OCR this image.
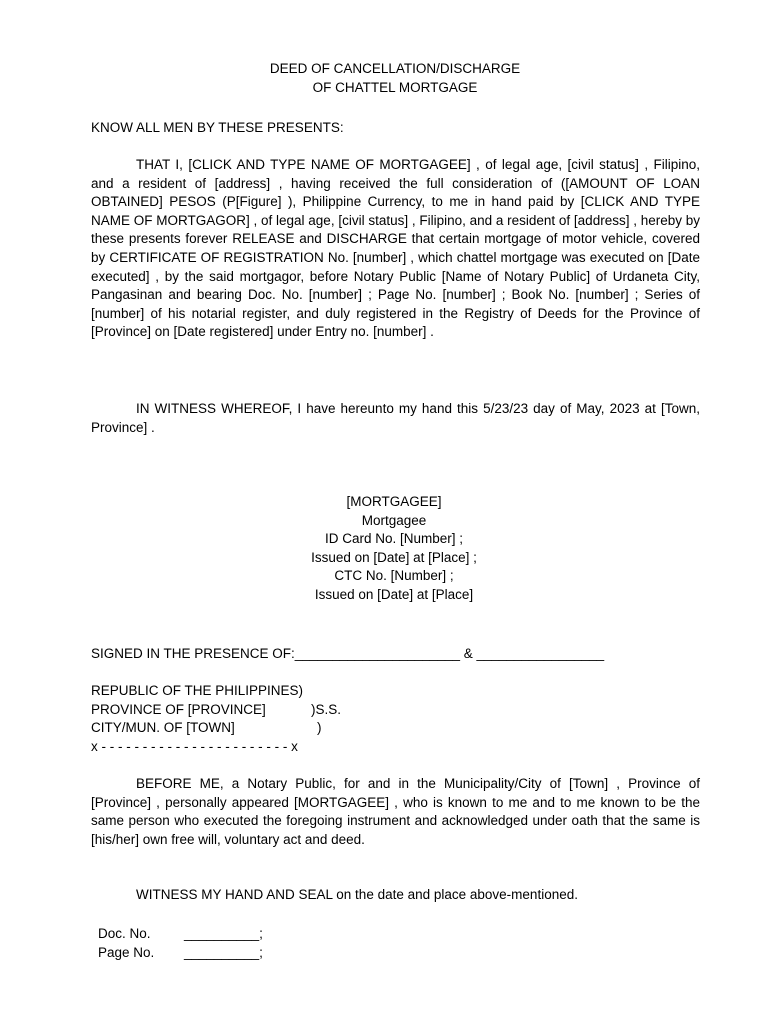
DEED OF CANCELLATION/DISCHARGE
OF CHATTEL MORTGAGE
KNOW ALL MEN BY THESE PRESENTS:

THAT I, [CLICK AND TYPE NAME OF MORTGAGEE] , of legal age, [civil status] , Filipino, and a resident of [address] , having received the full consideration of ([AMOUNT OF LOAN OBTAINED] PESOS (P[Figure] ), Philippine Currency, to me in hand paid by [CLICK AND TYPE NAME OF MORTGAGOR] , of legal age, [civil status] , Filipino, and a resident of [address] , hereby by these presents forever RELEASE and DISCHARGE that certain mortgage of motor vehicle, covered by CERTIFICATE OF REGISTRATION No. [number] , which chattel mortgage was executed on [Date executed] , by the said mortgagor, before Notary Public [Name of Notary Public] of Urdaneta City, Pangasinan and bearing Doc. No. [number] ; Page No. [number] ; Book No. [number] ; Series of [number] of his notarial register, and duly registered in the Registry of Deeds for the Province of [Province] on [Date registered] under Entry no. [number] .

IN WITNESS WHEREOF, I have hereunto my hand this 5/23/23 day of May, 2023 at [Town, Province] .

[MORTGAGEE]
Mortgagee
ID Card No. [Number] ;
Issued on [Date] at [Place] ;
CTC No. [Number] ;
Issued on [Date] at [Place]
SIGNED IN THE PRESENCE OF:______________________ & _________________
REPUBLIC OF THE PHILIPPINES)
PROVINCE OF [PROVINCE]	)S.S.
CITY/MUN. OF [TOWN]	)
x - - - - - - - - - - - - - - - - - - - - - - - x

BEFORE ME, a Notary Public, for and in the Municipality/City of [Town] , Province of [Province] , personally appeared [MORTGAGEE] , who is known to me and to me known to be the same person who executed the foregoing instrument and acknowledged under oath that the same is [his/her] own free will, voluntary act and deed.

WITNESS MY HAND AND SEAL on the date and place above-mentioned.
Doc. No. __________;
Page No. __________;
